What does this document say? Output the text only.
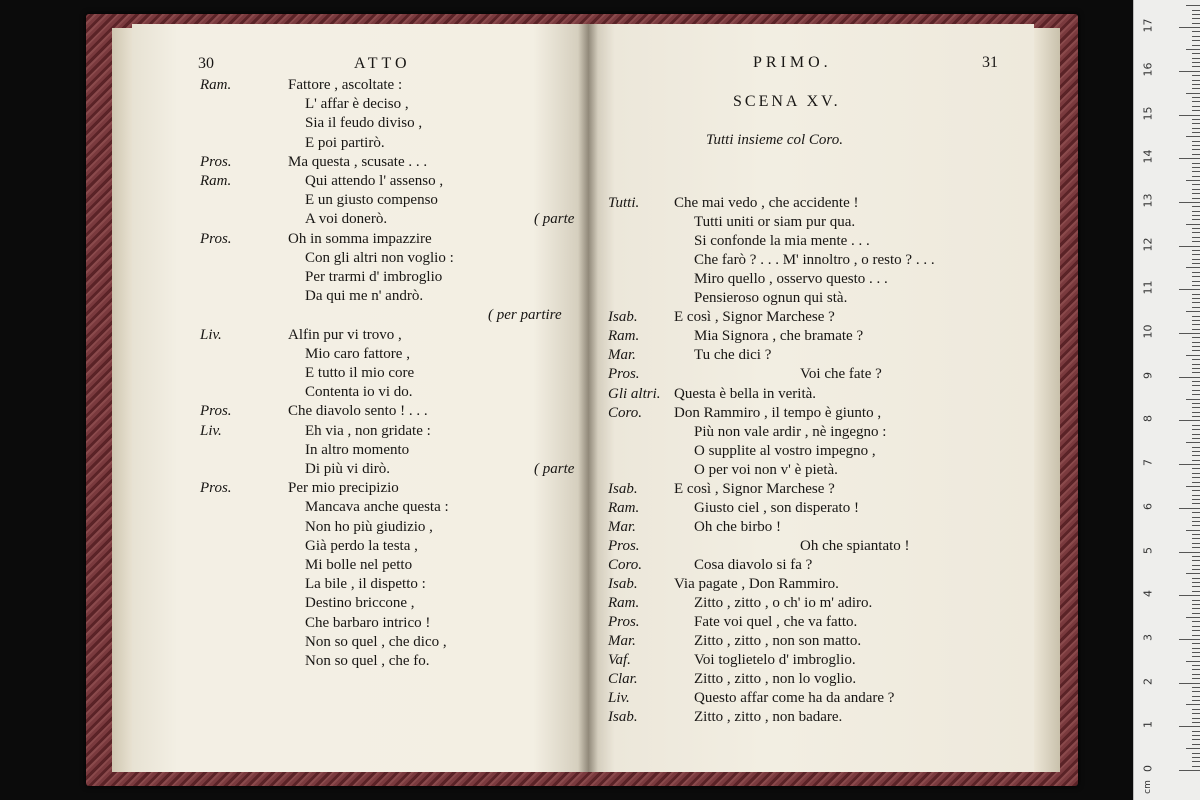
30	ATTO
Ram.	Fattore , ascoltate :
L' affar è deciso ,
Sia il feudo diviso ,
E poi partirò.
Pros.	Ma questa , scusate . . .
Ram.	Qui attendo l' assenso ,
E un giusto compenso
A voi donerò.	( parte
Pros.	Oh in somma impazzire
Con gli altri non voglio :
Per trarmi d' imbroglio
Da qui me n' andrò.
( per partire
Liv.	Alfin pur vi trovo ,
Mio caro fattore ,
E tutto il mio core
Contenta io vi do.
Pros.	Che diavolo sento ! . . .
Liv.	Eh via , non gridate :
In altro momento
Di più vi dirò.	( parte
Pros.	Per mio precipizio
Mancava anche questa :
Non ho più giudizio ,
Già perdo la testa ,
Mi bolle nel petto
La bile , il dispetto :
Destino briccone ,
Che barbaro intrico !
Non so quel , che dico ,
Non so quel , che fo.
PRIMO.	31
SCENA XV.
Tutti insieme col Coro.
Tutti. Che mai vedo , che accidente !
Tutti uniti or siam pur qua.
Si confonde la mia mente . . .
Che farò ? . . . M' innoltro , o resto ? . . .
Miro quello , osservo questo . . .
Pensieroso ognun qui stà.
Isab. E così , Signor Marchese ?
Ram.	Mia Signora , che bramate ?
Mar.	Tu che dici ?
Pros.	Voi che fate ?
Gli altri. Questa è bella in verità.
Coro. Don Rammiro , il tempo è giunto ,
Più non vale ardir , nè ingegno :
O supplite al vostro impegno ,
O per voi non v' è pietà.
Isab. E così , Signor Marchese ?
Ram.	Giusto ciel , son disperato !
Mar.	Oh che birbo !
Pros.	Oh che spiantato !
Coro.	Cosa diavolo si fa ?
Isab. Via pagate , Don Rammiro.
Ram.	Zitto , zitto , o ch' io m' adiro.
Pros.	Fate voi quel , che va fatto.
Mar.	Zitto , zitto , non son matto.
Vaf.	Voi toglietelo d' imbroglio.
Clar.	Zitto , zitto , non lo voglio.
Liv.	Questo affar come ha da andare ?
Isab.	Zitto , zitto , non badare.
0
1
2
3
4
5
6
7
8
9
10
11
12
13
14
15
16
17
cm
